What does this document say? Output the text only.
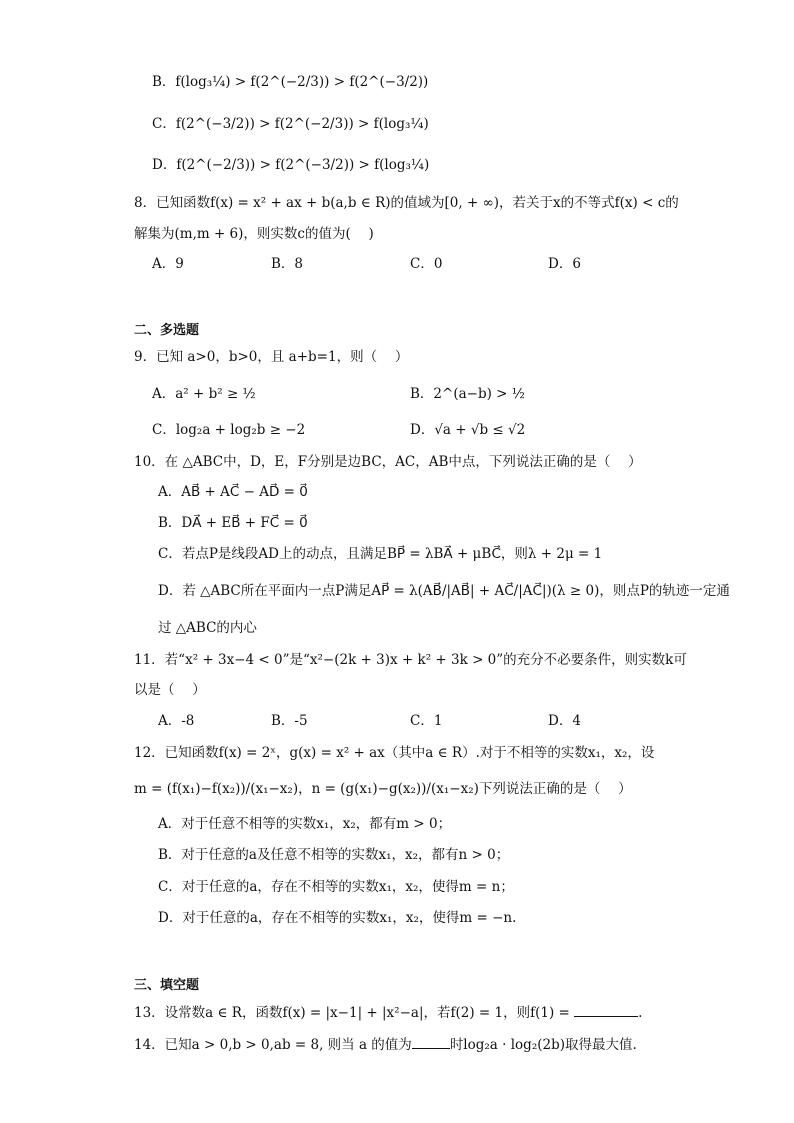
B．f(log₃¼) > f(2^(−2/3)) > f(2^(−3/2))
C．f(2^(−3/2)) > f(2^(−2/3)) > f(log₃¼)
D．f(2^(−2/3)) > f(2^(−3/2)) > f(log₃¼)
8．已知函数f(x) = x² + ax + b(a,b ∈ R)的值域为[0, + ∞)，若关于x的不等式f(x) < c的
解集为(m,m + 6)，则实数c的值为(　 )
A．9	B．8	C．0	D．6
二、多选题
9．已知 a>0，b>0，且 a+b=1，则（　 ）
A．a² + b² ≥ ½	B．2^(a−b) > ½
C．log₂a + log₂b ≥ −2	D．√a + √b ≤ √2
10．在 △ABC中，D，E，F分别是边BC，AC，AB中点，下列说法正确的是（　 ）
A．AB⃗ + AC⃗ − AD⃗ = 0⃗
B．DA⃗ + EB⃗ + FC⃗ = 0⃗
C．若点P是线段AD上的动点，且满足BP⃗ = λBA⃗ + μBC⃗，则λ + 2μ = 1
D．若 △ABC所在平面内一点P满足AP⃗ = λ(AB⃗/|AB⃗| + AC⃗/|AC⃗|)(λ ≥ 0)，则点P的轨迹一定通
过 △ABC的内心
11．若“x² + 3x−4 < 0”是“x²−(2k + 3)x + k² + 3k > 0”的充分不必要条件，则实数k可
以是（　 ）
A．-8	B．-5	C．1	D．4
12．已知函数f(x) = 2ˣ，g(x) = x² + ax（其中a ∈ R）.对于不相等的实数x₁，x₂，设
m = (f(x₁)−f(x₂))/(x₁−x₂)，n = (g(x₁)−g(x₂))/(x₁−x₂)下列说法正确的是（　 ）
A．对于任意不相等的实数x₁，x₂，都有m > 0；
B．对于任意的a及任意不相等的实数x₁，x₂，都有n > 0；
C．对于任意的a，存在不相等的实数x₁，x₂，使得m = n；
D．对于任意的a，存在不相等的实数x₁，x₂，使得m = −n.
三、填空题
13．设常数a ∈ R，函数f(x) = |x−1| + |x²−a|，若f(2) = 1，则f(1) =	.
14．已知a > 0,b > 0,ab = 8, 则当 a 的值为	时log₂a · log₂(2b)取得最大值.
